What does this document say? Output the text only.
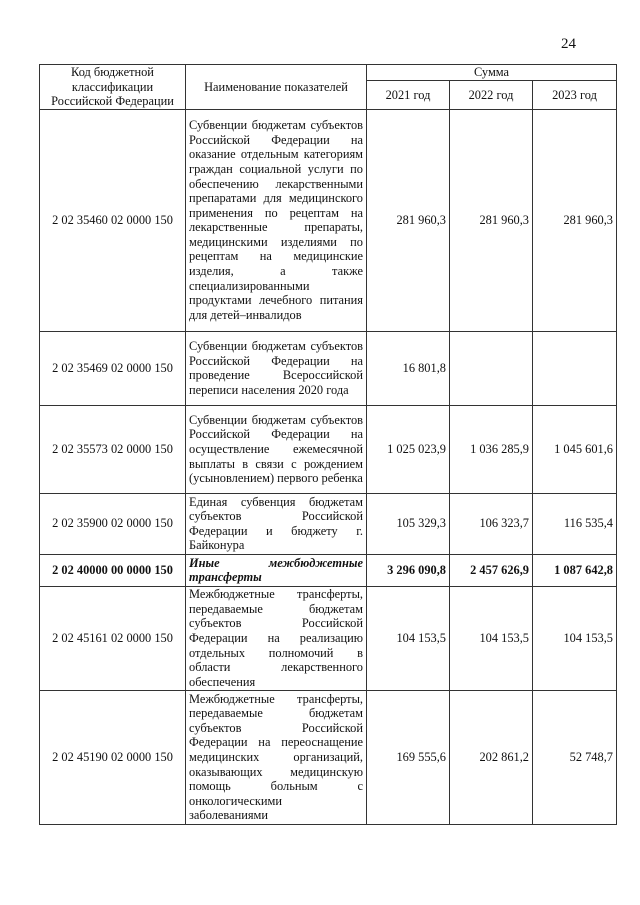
24
Код бюджетной классификации Российской Федерации	Наименование показателей	Сумма		
		2021 год	2022 год	2023 год
2 02 35460 02 0000 150	Субвенции бюджетам субъектов Российской Федерации на оказание отдельным категориям граждан социальной услуги по обеспечению лекарственными препаратами для медицинского применения по рецептам на лекарственные препараты, медицинскими изделиями по рецептам на медицинские изделия, а также специализированными продуктами лечебного питания для детей–инвалидов	281 960,3	281 960,3	281 960,3
2 02 35469 02 0000 150	Субвенции бюджетам субъектов Российской Федерации на проведение Всероссийской переписи населения 2020 года	16 801,8		
2 02 35573 02 0000 150	Субвенции бюджетам субъектов Российской Федерации на осуществление ежемесячной выплаты в связи с рождением (усыновлением) первого ребенка	1 025 023,9	1 036 285,9	1 045 601,6
2 02 35900 02 0000 150	Единая субвенция бюджетам субъектов Российской Федерации и бюджету г. Байконура	105 329,3	106 323,7	116 535,4
2 02 40000 00 0000 150	Иные межбюджетные трансферты	3 296 090,8	2 457 626,9	1 087 642,8
2 02 45161 02 0000 150	Межбюджетные трансферты, передаваемые бюджетам субъектов Российской Федерации на реализацию отдельных полномочий в области лекарственного обеспечения	104 153,5	104 153,5	104 153,5
2 02 45190 02 0000 150	Межбюджетные трансферты, передаваемые бюджетам субъектов Российской Федерации на переоснащение медицинских организаций, оказывающих медицинскую помощь больным с онкологическими заболеваниями	169 555,6	202 861,2	52 748,7
